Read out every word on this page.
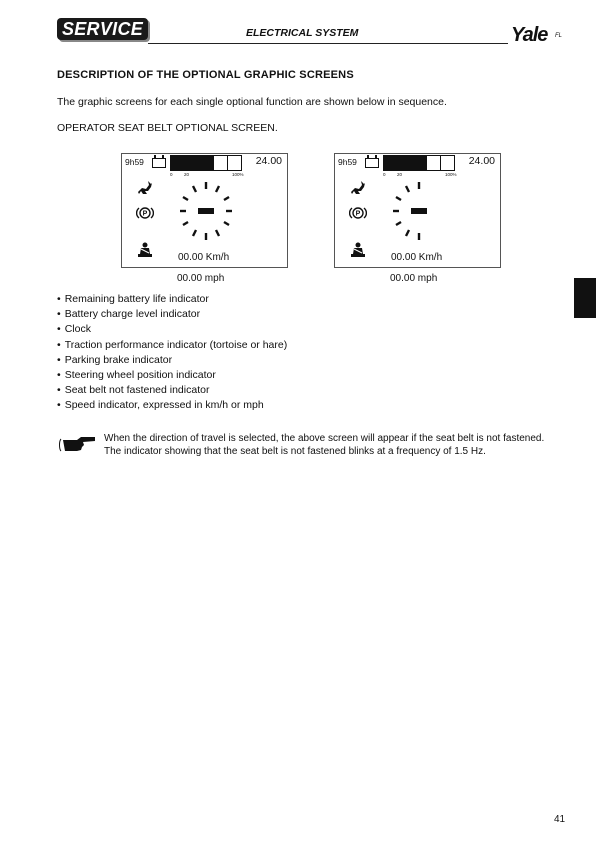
SERVICE	ELECTRICAL SYSTEM	Yale FL
DESCRIPTION OF THE OPTIONAL GRAPHIC SCREENS
The graphic screens for each single optional function are shown below in sequence.
OPERATOR SEAT BELT OPTIONAL SCREEN.
9h59	24.00
0	20	100%
P
00.00 Km/h
00.00 mph
9h59	24.00
0	20	100%
P
00.00 Km/h
00.00 mph
• Remaining battery life indicator
• Battery charge level indicator
• Clock
• Traction performance indicator (tortoise or hare)
• Parking brake indicator
• Steering wheel position indicator
• Seat belt not fastened indicator
• Speed indicator, expressed in km/h or mph
When the direction of travel is selected, the above screen will appear if the seat belt is not fastened.
The indicator showing that the seat belt is not fastened blinks at a frequency of 1.5 Hz.
41
